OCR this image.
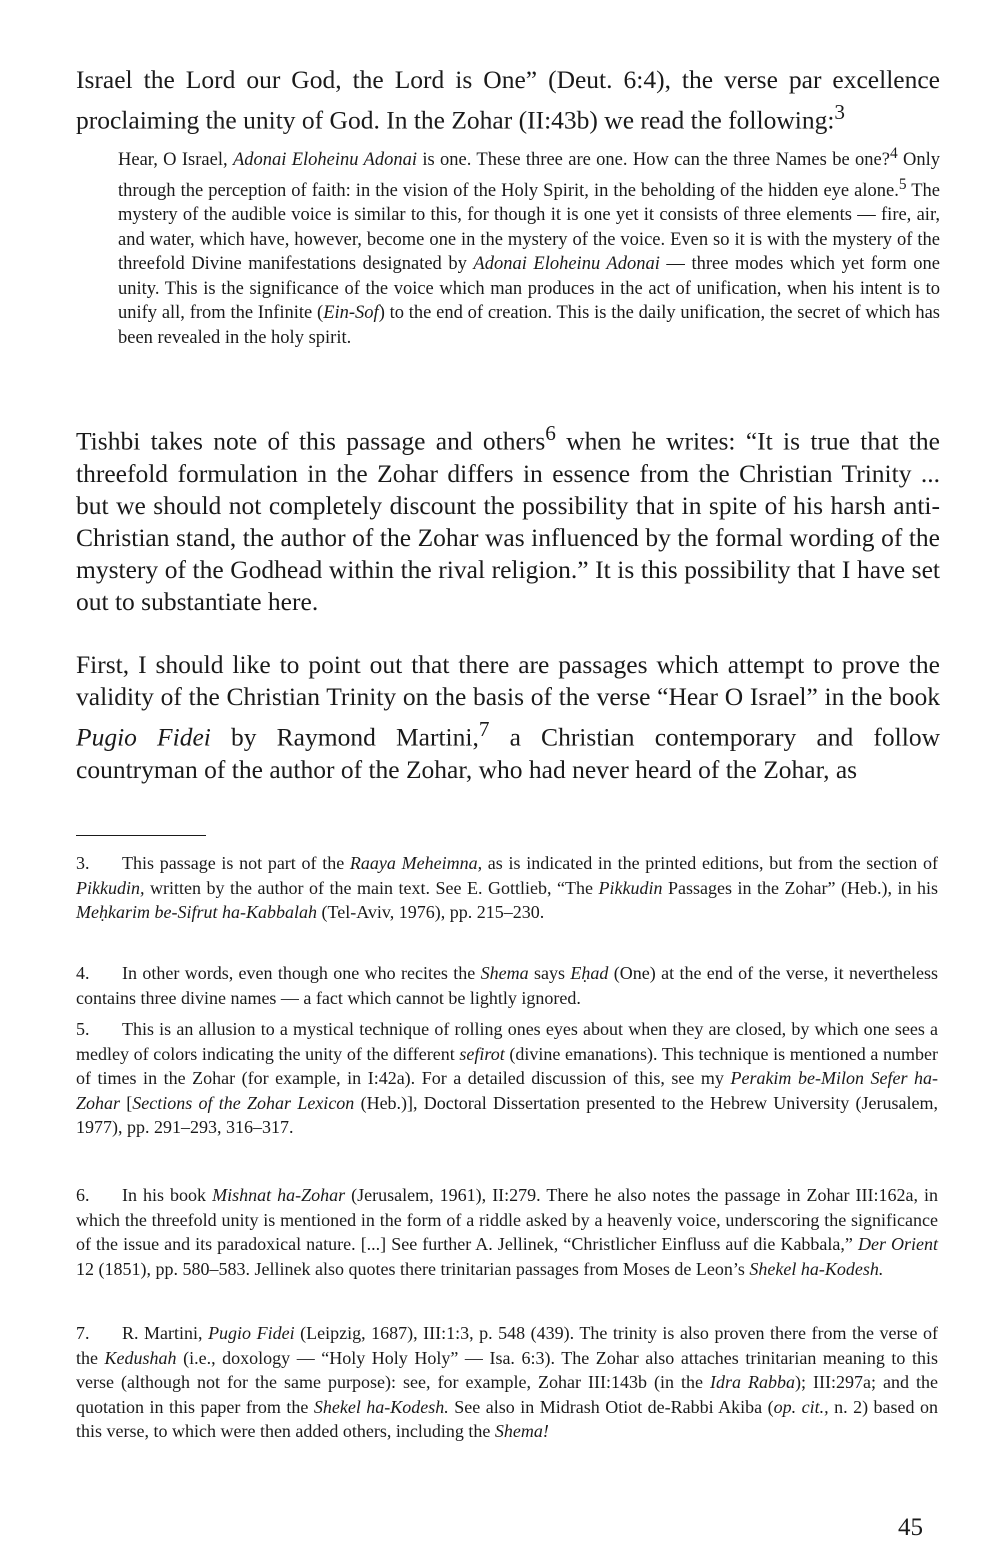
Israel the Lord our God, the Lord is One” (Deut. 6:4), the verse par excellence proclaiming the unity of God. In the Zohar (II:43b) we read the following:$^3$

Hear, O Israel, Adonai Eloheinu Adonai is one. These three are one. How can the three Names be one?$^4$ Only through the perception of faith: in the vision of the Holy Spirit, in the beholding of the hidden eye alone.$^5$ The mystery of the audible voice is similar to this, for though it is one yet it consists of three elements — fire, air, and water, which have, however, become one in the mystery of the voice. Even so it is with the mystery of the threefold Divine manifestations designated by Adonai Eloheinu Adonai — three modes which yet form one unity. This is the significance of the voice which man produces in the act of unification, when his intent is to unify all, from the Infinite (Ein-Sof) to the end of creation. This is the daily unification, the secret of which has been revealed in the holy spirit.

Tishbi takes note of this passage and others$^6$ when he writes: “It is true that the threefold formulation in the Zohar differs in essence from the Christian Trinity ... but we should not completely discount the possibility that in spite of his harsh anti-Christian stand, the author of the Zohar was influenced by the formal wording of the mystery of the Godhead within the rival religion.” It is this possibility that I have set out to substantiate here.

First, I should like to point out that there are passages which attempt to prove the validity of the Christian Trinity on the basis of the verse “Hear O Israel” in the book Pugio Fidei by Raymond Martini,$^7$ a Christian contemporary and follow countryman of the author of the Zohar, who had never heard of the Zohar, as

3. This passage is not part of the Raaya Meheimna, as is indicated in the printed editions, but from the section of Pikkudin, written by the author of the main text. See E. Gottlieb, “The Pikkudin Passages in the Zohar” (Heb.), in his Meḥkarim be-Sifrut ha-Kabbalah (Tel-Aviv, 1976), pp. 215–230.

4. In other words, even though one who recites the Shema says Eḥad (One) at the end of the verse, it nevertheless contains three divine names — a fact which cannot be lightly ignored.

5. This is an allusion to a mystical technique of rolling ones eyes about when they are closed, by which one sees a medley of colors indicating the unity of the different sefirot (divine emanations). This technique is mentioned a number of times in the Zohar (for example, in I:42a). For a detailed discussion of this, see my Perakim be-Milon Sefer ha-Zohar [Sections of the Zohar Lexicon (Heb.)], Doctoral Dissertation presented to the Hebrew University (Jerusalem, 1977), pp. 291–293, 316–317.

6. In his book Mishnat ha-Zohar (Jerusalem, 1961), II:279. There he also notes the passage in Zohar III:162a, in which the threefold unity is mentioned in the form of a riddle asked by a heavenly voice, underscoring the significance of the issue and its paradoxical nature. [...] See further A. Jellinek, “Christlicher Einfluss auf die Kabbala,” Der Orient 12 (1851), pp. 580–583. Jellinek also quotes there trinitarian passages from Moses de Leon’s Shekel ha-Kodesh.

7. R. Martini, Pugio Fidei (Leipzig, 1687), III:1:3, p. 548 (439). The trinity is also proven there from the verse of the Kedushah (i.e., doxology — “Holy Holy Holy” — Isa. 6:3). The Zohar also attaches trinitarian meaning to this verse (although not for the same purpose): see, for example, Zohar III:143b (in the Idra Rabba); III:297a; and the quotation in this paper from the Shekel ha-Kodesh. See also in Midrash Otiot de-Rabbi Akiba (op. cit., n. 2) based on this verse, to which were then added others, including the Shema!

45
